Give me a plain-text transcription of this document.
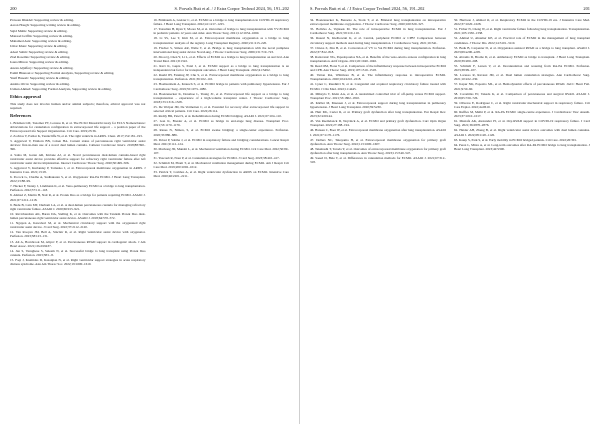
200	S. Porvals Butt et al. / J Extra Corpor Technol 2024, 56, 191–202

Praveen Dhaidel: Supporting review & editing.

Aaron Hough: Supporting writing review & editing.

Sajid Malik: Supporting review & editing.

Mairead Griffin: Supporting review & editing.

Mahamed Asis: Supporting review & editing.

Umar Khan: Supporting review & editing.

Adeel Salim: Supporting review & editing.

Ziad Rosemis: Supporting review & editing.

Ioana Mitrea: Supporting review & editing.

Anzan Aljaffery: Supporting review & editing.

Eamil Bhanoui a: Supporting Formal Analysis, Supporting review & editing.

Yusif Haseeb: Supporting review & editing.

Anshio Olvra: Supporting review & editing.

Usman Ahmed: Supporting Formal Analysis, Supporting review & editing.

Ethics approval

This study does not involve human and/or animal subjects; therefore, ethical approval was not required.

References

1. Brisman LM, Tonomer PT, Lorusso R, et al. The ELSO Maastricht treaty for ECLS Nomenclature: abbreviations for cannulation configuration in extracorporeal life support – a position paper of the Extracorporeal Life Support Organization. Crit Care. 2019;23:36.

2. Zochios V, Parhar K, Tunnicliffe W, et al. The right ventricle in ARDS. Chest. 2017;152:181–193.

3. Aggarwal V, Einhorn BN, Cohen HA. Current status of percutaneous right ventricular assist devices: first-in-man use of a novel dual lumen cannula. Catheter Cardiovasc Interv. 2018;88:390–396.

4. Salna M, Garan AR, Kirtane AJ, et al. Novel percutaneous dual-lumen cannula-based right ventricular assist device provides effective support for refractory right ventricular failure after left ventricular assist device implantation. Interact Cardiovasc Thorac Surg. 2020;30:499–506.

5. Aggarwal V, Kurlansky P, Tomasko J, et al. Extracorporeal membrane oxygenation in ARDS. J Intensive Care. 2021;13:18.

6. Pocock G, Chadha A, Sudhakaran S, et al. Oxygenator RA-PA ECMO. J Heart Lung Transplant. 2022;13:88–99.

7. Hecker F, Nenny J, Lindmann K, et al. Veno-pulmonary ECMO as a bridge to lung transplantation. Perfusion. 2022;37:111–118.

8. Ahmad Z, Martin H, Nair R, et al. Protek Duo as a bridge for patients requiring ECMO. ASAIO J. 2021;67:1212–1218.

9. Badu B, Cain MT, Durham LA, et al. A dual-lumen percutaneous cannula for managing refractory right ventricular failure. ASAIO J. 2020;66:915–921.

10. Ravichandran AK, Baran DA, Stelling K, et al. Outcomes with the Tandem Protek Duo dual-lumen percutaneous right ventricular assist device. ASAIO J. 2018;64:570–572.

11. Nguyen A, Kawabori M, et al. Mechanical circulatory support with the oxygenated right ventricular assist device. J Card Surg. 2022;37:2112–2120.

12. Van Rooyen JM, Bell A, Sinclair R, et al. Right ventricular assist device with oxygenator. Perfusion. 2023;38:123–131.

13. Ali A, Hornbrook M, Aliyev F, et al. Percutaneous RVAD support in cardiogenic shock. J Am Heart Assoc. 2021;10:e019437.

14. Jan S, Varughese S, Saleem N, et al. Successful bridge to lung transplant using Protek Duo cannula. Perfusion. 2023;38:1–8.

15. Faqi J, Kremidas D, Kazanjian N, et al. Right ventricular support strategies in acute respiratory distress syndrome. Ann Am Thorac Soc. 2022;19:1600–1610.

16. Brinbaum A, Gretzer C, et al. ECMO as a bridge to lung transplantation in COVID-19 respiratory failure. J Heart Lung Transplant. 2022;41:1217–1225.

17. Tatoulian H, Ryan T, Moore M, et al. Outcomes of bridge to lung transplantation with VV-ECMO in pediatric patients 12 years and older. Ann Thorac Surg. 2021;112:1654–1660.

18. Li SS, Lee T, Kim M, et al. Extracorporeal membrane oxygenation as a bridge to lung transplantation: analysis of the registry. Lung Transplant Registry. 2020;211:213–220.

19. Fischer S, Simon AR, Welte T, et al. Bridge to lung transplantation with the novel pumpless interventional lung assist device NovaLung. J Thorac Cardiovasc Surg. 2006;131:719–723.

20. Zhou Q, Chen Y, Li L, et al. Effects of ECMO as a bridge to lung transplantation on survival. Ann Transl Med. 2021;9:1322.

21. Ravi K, Gupta S, Patel J, et al. ECMO support as a bridge to lung transplantation is an independent risk factor for transplant outcomes. J Heart Lung Transplant. 2022;41:S492.

22. Ruehl JH, Fanning JP, Chu S, et al. Extracorporeal membrane oxygenation as a bridge to lung transplantation. Perfusion. 2021;36:102–110.

23. Hoeltzenbein A, Krausch S, et al. ECMO bridge in patients with pulmonary hypertension. Eur J Cardiothorac Surg. 2019;55:1073–1080.

24. Hoetzenecker K, Donahoe L, Yeung JC, et al. Extracorporeal life support as a bridge to lung transplantation – experience of a high-volume transplant center. J Thorac Cardiovasc Surg. 2018;155:1316–1328.

25. De Wolput JM, De Vermeiren C, et al. Potential for recovery after extracorporeal life support in selected critical patients. Crit Care. 2022;26:114.

26. Reddy BR, Patel S, et al. Rehabilitation during ECMO bridging. ASAIO J. 2021;67:104–110.

27. Gan K, Bresler A, et al. ECMO as bridge in end-stage lung disease. Transplant Proc. 2021;53:1170–1176.

28. Ranes N, Nimon, S, et al. ECMO awake bridging: a single-center experience. Perfusion. 2020;35:880–886.

29. Pelosi P, Sabiha J, et al. ECMO in respiratory failure and bridging considerations. Lancet Respir Med. 2021;9:112–124.

30. Marhong JD, Munshi L, et al. Mechanical ventilation during ECMO. Crit Care Med. 2022;50:99–107.

31. Yaacoub R, Nour P, et al. Cannulation strategies for ECMO. J Card Surg. 2023;38:410–417.

32. Schmidt M, Pham T, et al. Mechanical ventilation management during ECMO. Am J Respir Crit Care Med. 2019;200:1002–1012.

33. Patrick T, Combes A, et al. Right ventricular dysfunction in ARDS on ECMO. Intensive Care Med. 2020;46:2201–2211.

S. Porvals Butt et al. / J Extra Corpor Technol 2024, 56, 191–202	201

34. Hoetzenecker K, Benazzo A, Stork T, et al. Bilateral lung transplantation on intraoperative extracorporeal membrane oxygenation. J Thorac Cardiovasc Surg. 2020;160:320–327.

35. Bolivka A, Vajtasek M. The role of intraoperative ECMO in lung transplantation. Eur J Cardiothorac Surg. 2021;59:110–116.

36. Ruszel N, Kiełbowski K, et al. Central, peripheral ECMO or CPB? Comparison between circulatory support methods used during lung transplantation. J Cardiothorac Surg. 2021;16:341.

37. Chiesa Z, Zhu B, et al. Conversion of VV to VA ECMO during lung transplantation. Perfusion. 2022;37:812–818.

38. Radovanic NG, Papadopoulos NA, et al. Benefits of the veno-arterio-venous configuration in lung transplantation. Artif Organs. 2021;45:1040–1046.

39. Read OM, Fiona V, et al. Comparison of the inflammatory response between intraoperative ECMO and CPB. Ann Thorac Surg. 2019;107:1510–1518.

40. Vatton RA, Whitmore B, et al. The inflammatory response to intraoperative ECMO. Transplantation. 2020;104:2210–2218.

41. Lyner C, Raudkivi N, et al. Congenital and acquired respiratory circulatory failure treated with ECMO. J Clin Med. 2022;11:4445.

42. Mihaylo T, Klein AA, et al. A randomized controlled trial of off-pump versus ECMO support. Transplant Proc. 2021;53:1802–1810.

43. Kärller M, Maessen J, et al. Extracorporeal support during lung transplantation in pulmonary hypertension. J Heart Lung Transplant. 2020;39:S230.

44. Hutt ML, Carter R, et al. Primary graft dysfunction after lung transplantation. Eur Respir Rev. 2023;32:220144.

45. Van Raemdonck D, Neyrinck A, et al. ECMO and primary graft dysfunction. Curr Opin Organ Transplant. 2022;27:188–194.

46. Hansen C, Boer JP, et al. Extracorporeal membrane oxygenation after lung transplantation. ASAIO J. 2021;67:1170–1176.

47. Dellers NC, Takayama H, et al. Extracorporeal membrane oxygenation for primary graft dysfunction. Ann Thorac Surg. 2022;113:1600–1607.

48. Takahashi T, Terada Y, et al. Outcomes of extracorporeal membrane oxygenation for primary graft dysfunction after lung transplantation. Ann Thorac Surg. 2023;115:540–547.

49. Saeed D, Bale T, et al. Differences in cannulation methods for ECMO. ASAIO J. 2021;67:312–318.

50. Harrison J, Ahmad O, et al. Respiratory ECMO in the COVID-19 era. J Intensive Care Med. 2022;37:1020–1028.

51. Ficher N, Cheng W, et al. Right ventricular failure following lung transplantation. Transplantation. 2021;105:1330–1338.

52. Ahmad U, Alnamer KE, et al. Practical role of ECMO in the management of lung transplant candidates. J Thorac Dis. 2022;14:3101–3110.

53. Badu B, Carpenter D, et al. Oxygenator-assisted RVAD as a bridge to lung transplant. ASAIO J. 2023;69:e200–e205.

54. Abrams D, Brodie D, et al. Ambulatory ECMO as bridge to transplant. J Heart Lung Transplant. 2020;39:200–208.

55. Schmidt F, Larsen V, et al. Decannulation and weaning from RA-PA ECMO. Perfusion. 2023;38:99–107.

56. Lorusso R, Ravaux JM, et al. Dual lumen cannulation strategies. Ann Cardiothorac Surg. 2021;10:222–230.

57. Kapur NK, Esposito ML, et al. Hemodynamic effects of percutaneous RVAD. JACC Heart Fail. 2021;9:50–60.

58. Coromilas EJ, Takeda K, et al. Comparison of percutaneous and surgical RVAD. ASAIO J. 2019;65:720–726.

59. Oliveros E, Rodriguez C, et al. Right ventricular mechanical support in respiratory failure. Crit Care Explor. 2022;4:e0610.

60. Ruffles M, Malhi P, et al. RA-PA ECMO: single-centre experience. J Cardiothorac Vasc Anesth. 2023;37:1010–1017.

61. Mustafa AK, Alexander PJ, et al. Oxy-RVAD support in COVID-19 respiratory failure. J Card Surg. 2021;36:2870–2876.

62. Haider AH, Zheng B, et al. Right ventricular assist device outcomes with dual lumen cannulas. ASAIO J. 2022;68:1120–1126.

63. Kaurp S, Park S, et al. Early mobility in ECMO bridged patients. Crit Care. 2022;26:301.

64. Perez L, Mirza A, et al. Long-term outcomes after RA-PA ECMO bridge to lung transplantation. J Heart Lung Transplant. 2023;42:S300.
